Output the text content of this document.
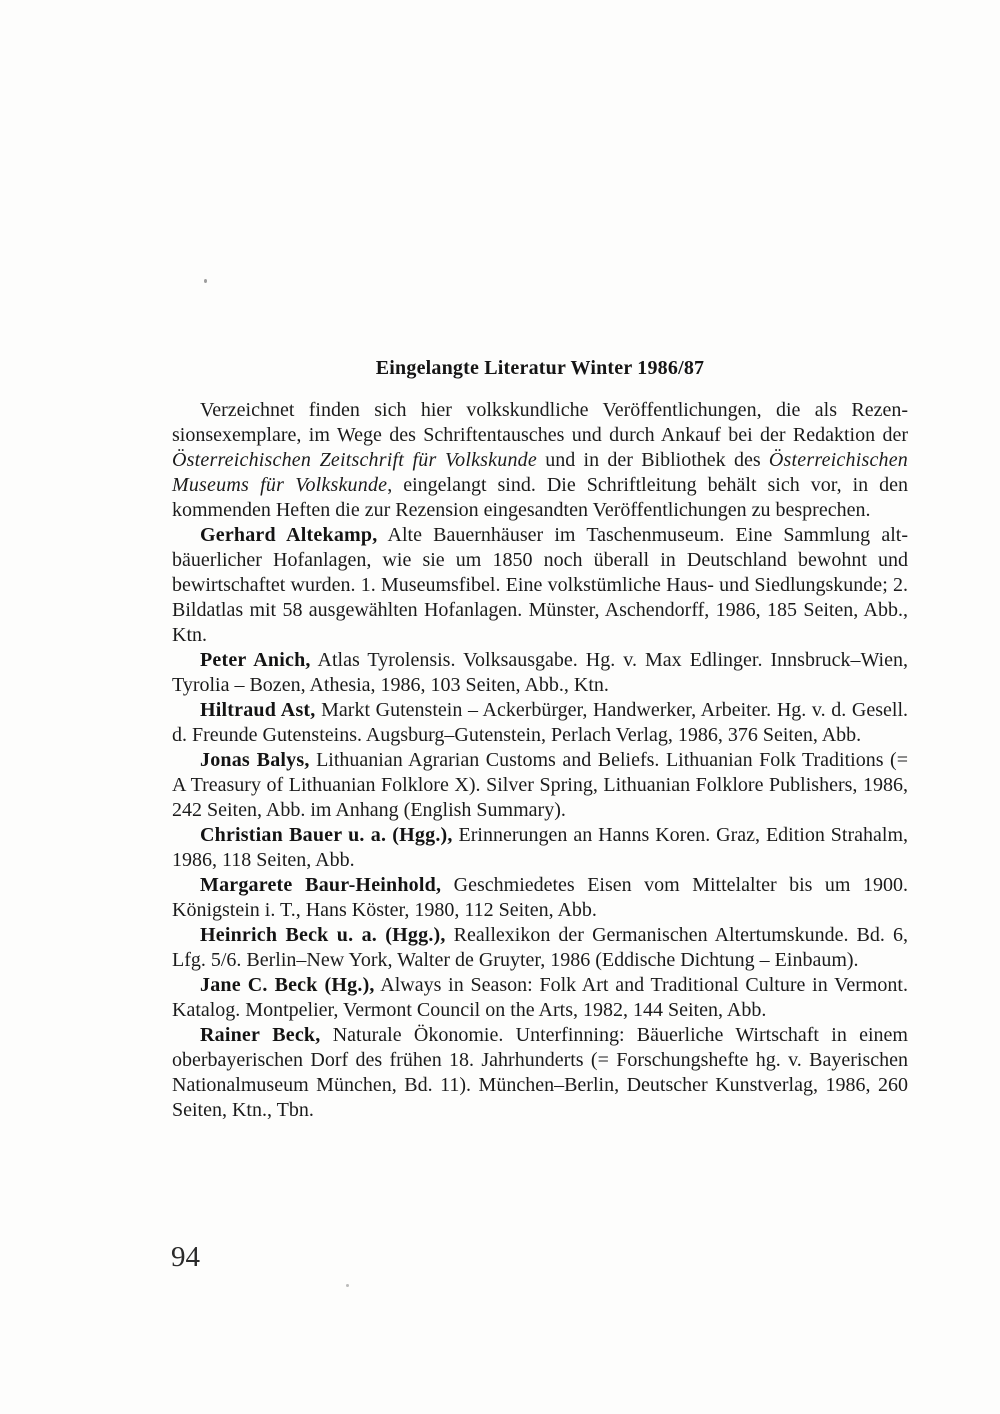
Eingelangte Literatur Winter 1986/87

Verzeichnet finden sich hier volkskundliche Veröffentlichungen, die als Rezensionsexemplare, im Wege des Schriftentausches und durch Ankauf bei der Redaktion der Österreichischen Zeitschrift für Volkskunde und in der Bibliothek des Österreichischen Museums für Volkskunde, eingelangt sind. Die Schriftleitung behält sich vor, in den kommenden Heften die zur Rezension eingesandten Veröffentlichungen zu besprechen.

Gerhard Altekamp, Alte Bauernhäuser im Taschenmuseum. Eine Sammlung altbäuerlicher Hofanlagen, wie sie um 1850 noch überall in Deutschland bewohnt und bewirtschaftet wurden. 1. Museumsfibel. Eine volkstümliche Haus- und Siedlungskunde; 2. Bildatlas mit 58 ausgewählten Hofanlagen. Münster, Aschendorff, 1986, 185 Seiten, Abb., Ktn.

Peter Anich, Atlas Tyrolensis. Volksausgabe. Hg. v. Max Edlinger. Innsbruck–Wien, Tyrolia – Bozen, Athesia, 1986, 103 Seiten, Abb., Ktn.

Hiltraud Ast, Markt Gutenstein – Ackerbürger, Handwerker, Arbeiter. Hg. v. d. Gesell. d. Freunde Gutensteins. Augsburg–Gutenstein, Perlach Verlag, 1986, 376 Seiten, Abb.

Jonas Balys, Lithuanian Agrarian Customs and Beliefs. Lithuanian Folk Traditions (= A Treasury of Lithuanian Folklore X). Silver Spring, Lithuanian Folklore Publishers, 1986, 242 Seiten, Abb. im Anhang (English Summary).

Christian Bauer u. a. (Hgg.), Erinnerungen an Hanns Koren. Graz, Edition Strahalm, 1986, 118 Seiten, Abb.

Margarete Baur-Heinhold, Geschmiedetes Eisen vom Mittelalter bis um 1900. Königstein i. T., Hans Köster, 1980, 112 Seiten, Abb.

Heinrich Beck u. a. (Hgg.), Reallexikon der Germanischen Altertumskunde. Bd. 6, Lfg. 5/6. Berlin–New York, Walter de Gruyter, 1986 (Eddische Dichtung – Einbaum).

Jane C. Beck (Hg.), Always in Season: Folk Art and Traditional Culture in Vermont. Katalog. Montpelier, Vermont Council on the Arts, 1982, 144 Seiten, Abb.

Rainer Beck, Naturale Ökonomie. Unterfinning: Bäuerliche Wirtschaft in einem oberbayerischen Dorf des frühen 18. Jahrhunderts (= Forschungshefte hg. v. Bayerischen Nationalmuseum München, Bd. 11). München–Berlin, Deutscher Kunstverlag, 1986, 260 Seiten, Ktn., Tbn.

94
